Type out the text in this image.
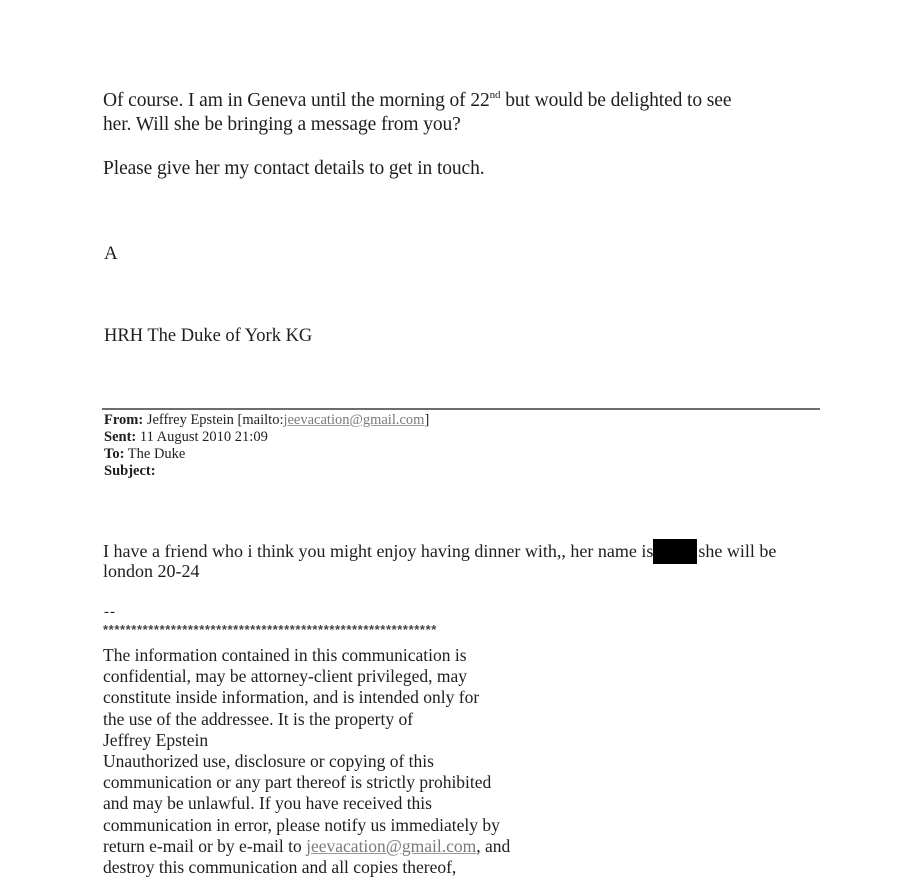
Of course. I am in Geneva until the morning of 22nd but would be delighted to see
her. Will she be bringing a message from you?
Please give her my contact details to get in touch.
A
HRH The Duke of York KG
From: Jeffrey Epstein [mailto:jeevacation@gmail.com]
Sent: 11 August 2010 21:09
To: The Duke
Subject:
I have a friend who i think you might enjoy having dinner with,, her name is	she will be
london 20-24
--
***********************************************************
The information contained in this communication is
confidential, may be attorney-client privileged, may
constitute inside information, and is intended only for
the use of the addressee. It is the property of
Jeffrey Epstein
Unauthorized use, disclosure or copying of this
communication or any part thereof is strictly prohibited
and may be unlawful. If you have received this
communication in error, please notify us immediately by
return e-mail or by e-mail to jeevacation@gmail.com, and
destroy this communication and all copies thereof,
